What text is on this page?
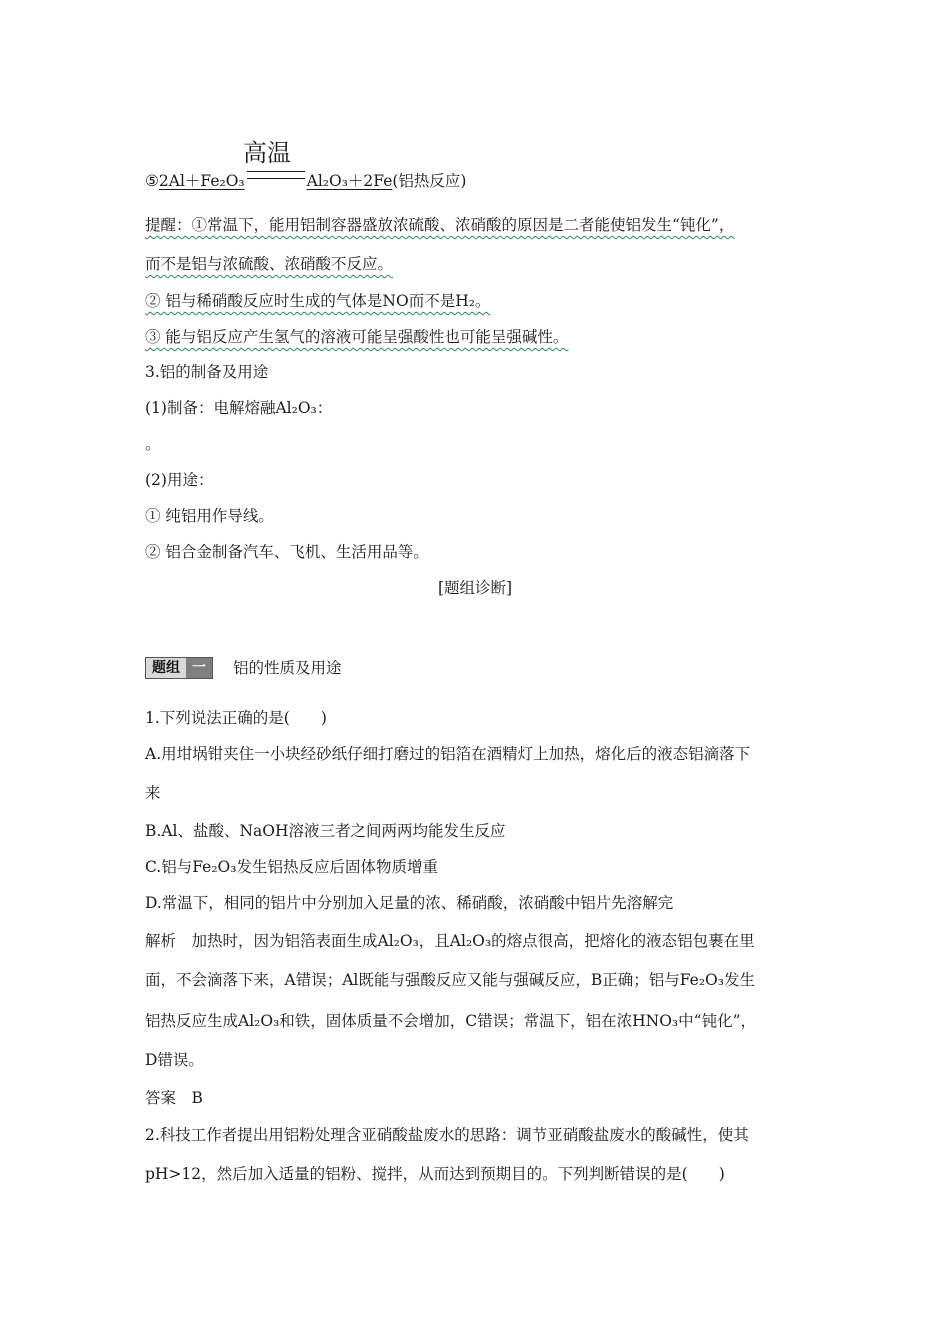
高温
⑤2Al＋Fe₂O₃	Al₂O₃＋2Fe(铝热反应)
提醒：①常温下，能用铝制容器盛放浓硫酸、浓硝酸的原因是二者能使铝发生“钝化”，
而不是铝与浓硫酸、浓硝酸不反应。
② 铝与稀硝酸反应时生成的气体是NO而不是H₂。
③ 能与铝反应产生氢气的溶液可能呈强酸性也可能呈强碱性。
3.铝的制备及用途
(1)制备：电解熔融Al₂O₃：
。
(2)用途：
① 纯铝用作导线。
② 铝合金制备汽车、飞机、生活用品等。
[题组诊断]
题组 一	铝的性质及用途
1.下列说法正确的是(　　)
A.用坩埚钳夹住一小块经砂纸仔细打磨过的铝箔在酒精灯上加热，熔化后的液态铝滴落下
来
B.Al、盐酸、NaOH溶液三者之间两两均能发生反应
C.铝与Fe₂O₃发生铝热反应后固体物质增重
D.常温下，相同的铝片中分别加入足量的浓、稀硝酸，浓硝酸中铝片先溶解完
解析　加热时，因为铝箔表面生成Al₂O₃，且Al₂O₃的熔点很高，把熔化的液态铝包裹在里
面，不会滴落下来，A错误；Al既能与强酸反应又能与强碱反应，B正确；铝与Fe₂O₃发生
铝热反应生成Al₂O₃和铁，固体质量不会增加，C错误；常温下，铝在浓HNO₃中“钝化”，
D错误。
答案　B
2.科技工作者提出用铝粉处理含亚硝酸盐废水的思路：调节亚硝酸盐废水的酸碱性，使其
pH>12，然后加入适量的铝粉、搅拌，从而达到预期目的。下列判断错误的是(　　)
